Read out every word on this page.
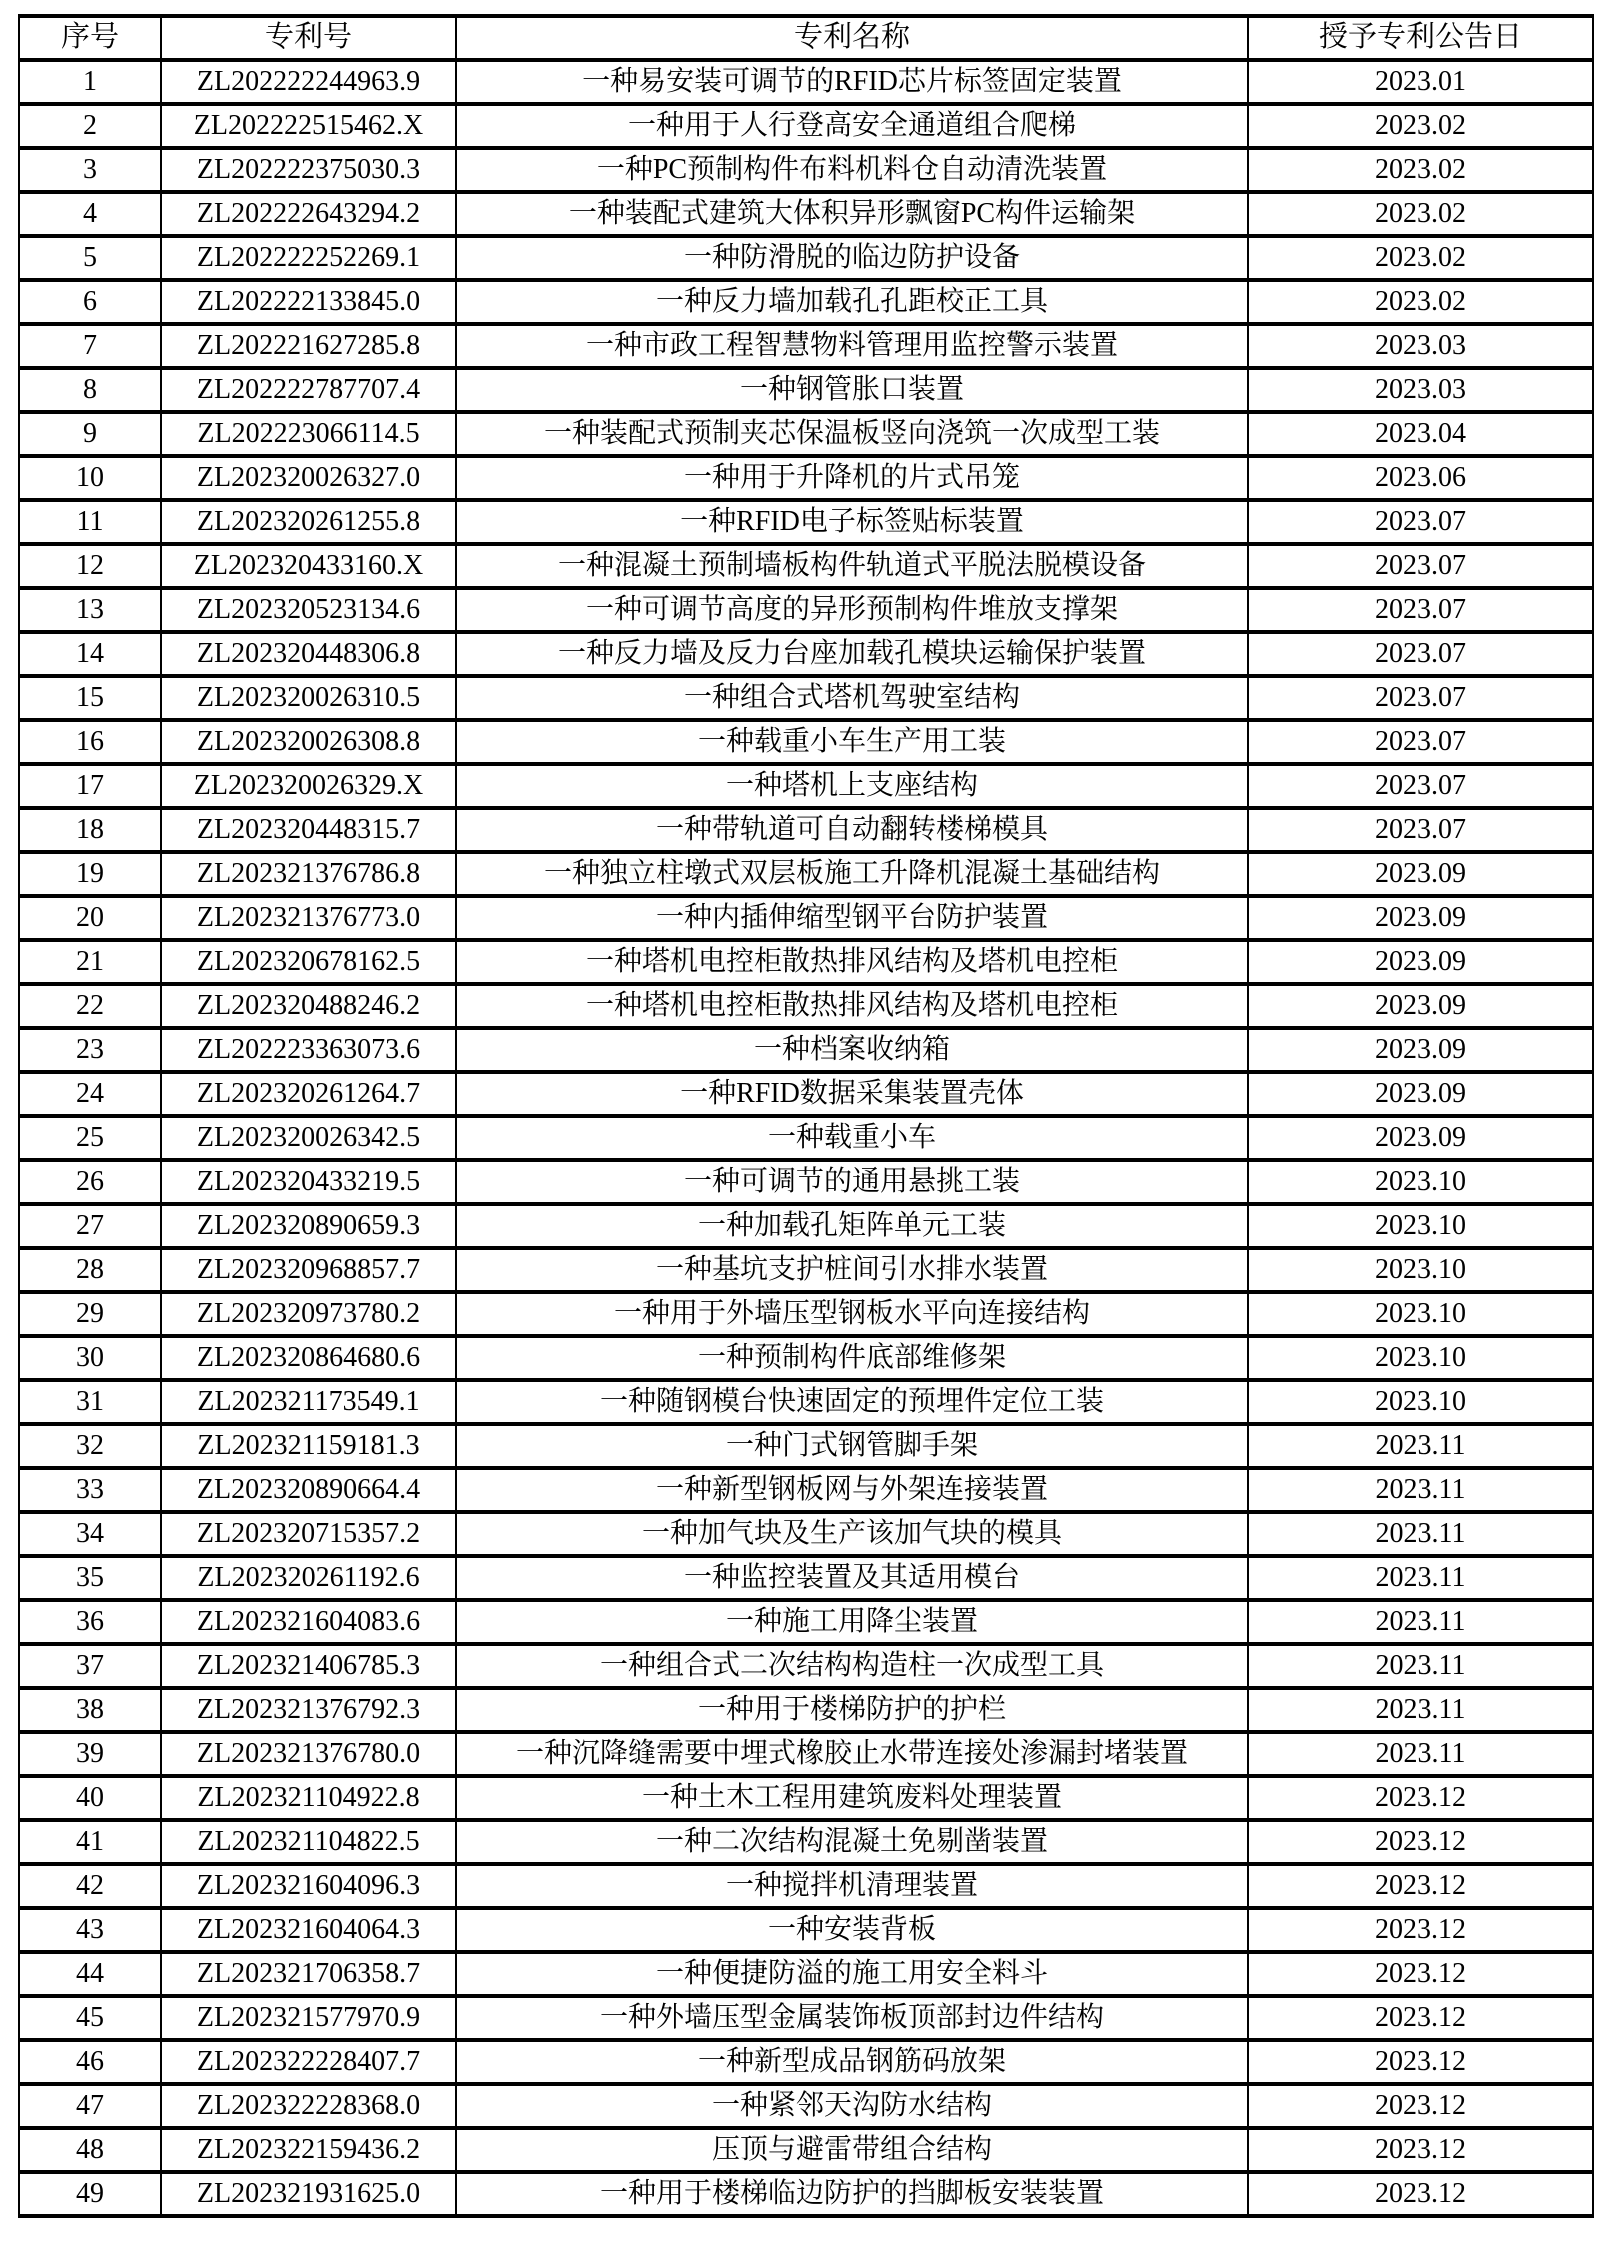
序号	专利号	专利名称	授予专利公告日
1	ZL202222244963.9	一种易安装可调节的RFID芯片标签固定装置	2023.01
2	ZL202222515462.X	一种用于人行登高安全通道组合爬梯	2023.02
3	ZL202222375030.3	一种PC预制构件布料机料仓自动清洗装置	2023.02
4	ZL202222643294.2	一种装配式建筑大体积异形飘窗PC构件运输架	2023.02
5	ZL202222252269.1	一种防滑脱的临边防护设备	2023.02
6	ZL202222133845.0	一种反力墙加载孔孔距校正工具	2023.02
7	ZL202221627285.8	一种市政工程智慧物料管理用监控警示装置	2023.03
8	ZL202222787707.4	一种钢管胀口装置	2023.03
9	ZL202223066114.5	一种装配式预制夹芯保温板竖向浇筑一次成型工装	2023.04
10	ZL202320026327.0	一种用于升降机的片式吊笼	2023.06
11	ZL202320261255.8	一种RFID电子标签贴标装置	2023.07
12	ZL202320433160.X	一种混凝土预制墙板构件轨道式平脱法脱模设备	2023.07
13	ZL202320523134.6	一种可调节高度的异形预制构件堆放支撑架	2023.07
14	ZL202320448306.8	一种反力墙及反力台座加载孔模块运输保护装置	2023.07
15	ZL202320026310.5	一种组合式塔机驾驶室结构	2023.07
16	ZL202320026308.8	一种载重小车生产用工装	2023.07
17	ZL202320026329.X	一种塔机上支座结构	2023.07
18	ZL202320448315.7	一种带轨道可自动翻转楼梯模具	2023.07
19	ZL202321376786.8	一种独立柱墩式双层板施工升降机混凝土基础结构	2023.09
20	ZL202321376773.0	一种内插伸缩型钢平台防护装置	2023.09
21	ZL202320678162.5	一种塔机电控柜散热排风结构及塔机电控柜	2023.09
22	ZL202320488246.2	一种塔机电控柜散热排风结构及塔机电控柜	2023.09
23	ZL202223363073.6	一种档案收纳箱	2023.09
24	ZL202320261264.7	一种RFID数据采集装置壳体	2023.09
25	ZL202320026342.5	一种载重小车	2023.09
26	ZL202320433219.5	一种可调节的通用悬挑工装	2023.10
27	ZL202320890659.3	一种加载孔矩阵单元工装	2023.10
28	ZL202320968857.7	一种基坑支护桩间引水排水装置	2023.10
29	ZL202320973780.2	一种用于外墙压型钢板水平向连接结构	2023.10
30	ZL202320864680.6	一种预制构件底部维修架	2023.10
31	ZL202321173549.1	一种随钢模台快速固定的预埋件定位工装	2023.10
32	ZL202321159181.3	一种门式钢管脚手架	2023.11
33	ZL202320890664.4	一种新型钢板网与外架连接装置	2023.11
34	ZL202320715357.2	一种加气块及生产该加气块的模具	2023.11
35	ZL202320261192.6	一种监控装置及其适用模台	2023.11
36	ZL202321604083.6	一种施工用降尘装置	2023.11
37	ZL202321406785.3	一种组合式二次结构构造柱一次成型工具	2023.11
38	ZL202321376792.3	一种用于楼梯防护的护栏	2023.11
39	ZL202321376780.0	一种沉降缝需要中埋式橡胶止水带连接处渗漏封堵装置	2023.11
40	ZL202321104922.8	一种土木工程用建筑废料处理装置	2023.12
41	ZL202321104822.5	一种二次结构混凝土免剔凿装置	2023.12
42	ZL202321604096.3	一种搅拌机清理装置	2023.12
43	ZL202321604064.3	一种安装背板	2023.12
44	ZL202321706358.7	一种便捷防溢的施工用安全料斗	2023.12
45	ZL202321577970.9	一种外墙压型金属装饰板顶部封边件结构	2023.12
46	ZL202322228407.7	一种新型成品钢筋码放架	2023.12
47	ZL202322228368.0	一种紧邻天沟防水结构	2023.12
48	ZL202322159436.2	压顶与避雷带组合结构	2023.12
49	ZL202321931625.0	一种用于楼梯临边防护的挡脚板安装装置	2023.12
